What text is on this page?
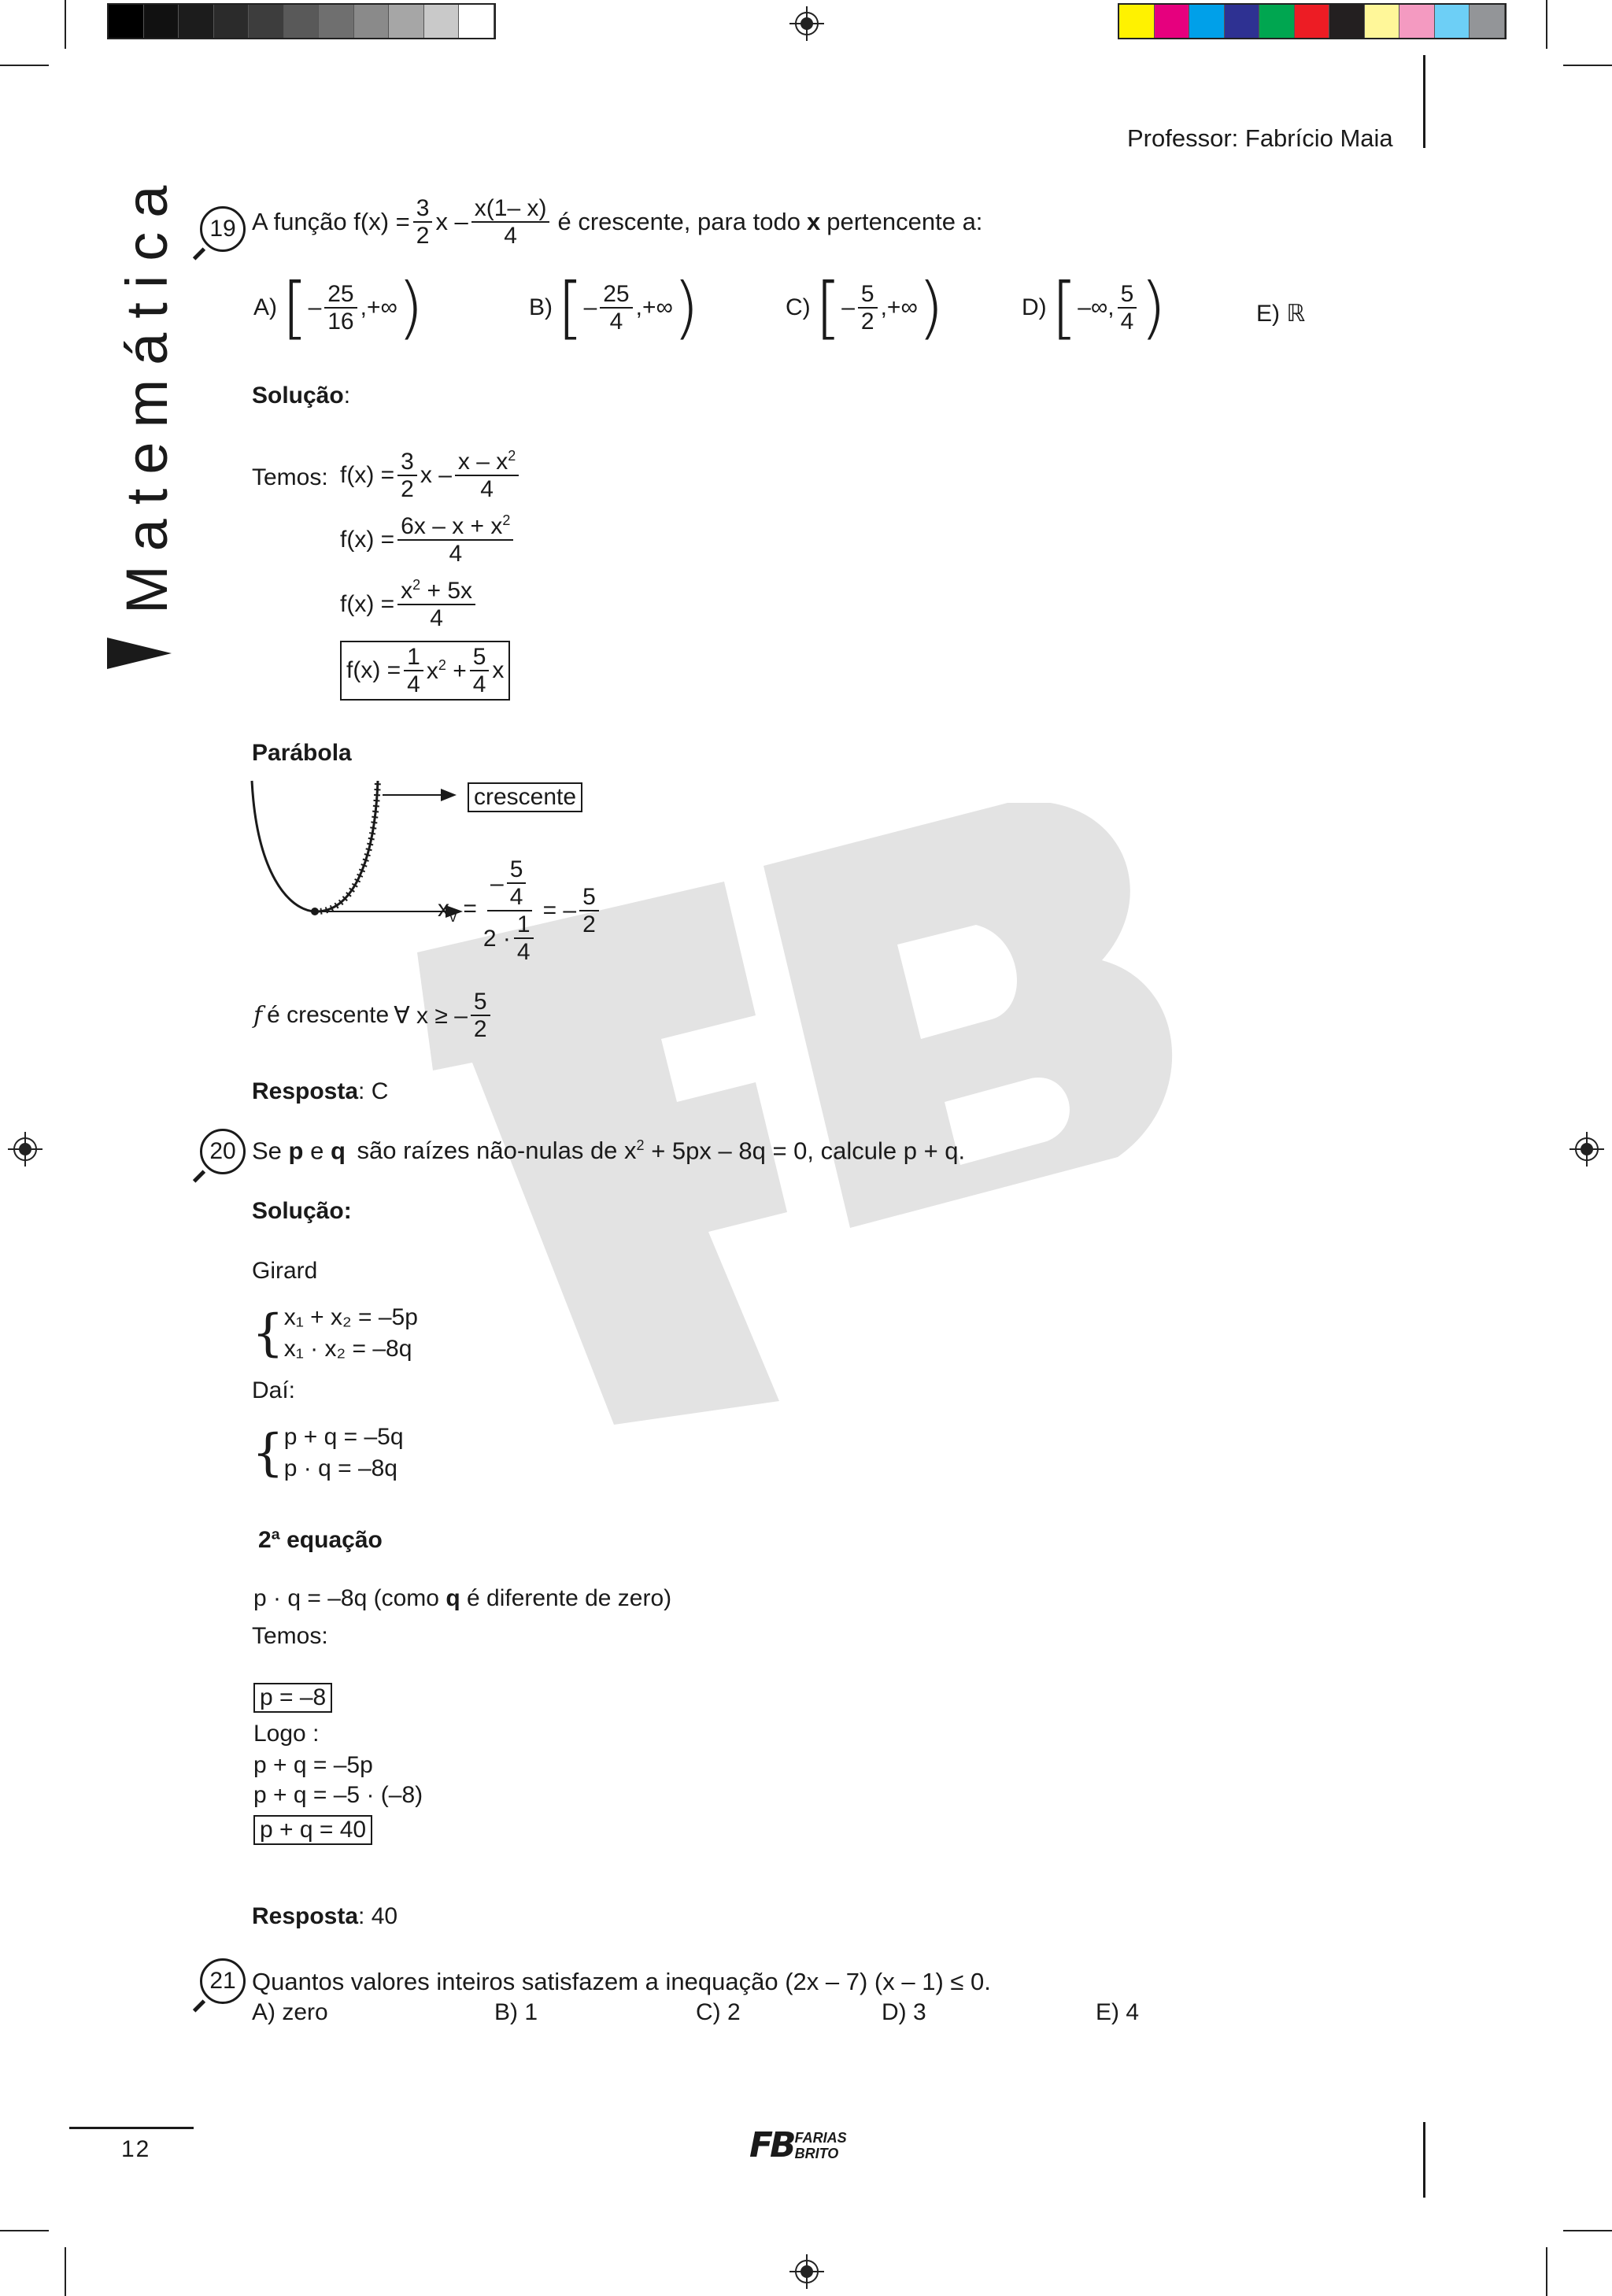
Professor: Fabrício Maia
Matemática	19 A função $f(x) = \frac{3}{2}$ x – $\frac{x(1- x)}{4}$ é crescente, para todo x pertencente a:
A) [ – $\frac{25}{16}$ ,+∞ )	B) [ – $\frac{25}{4}$ ,+∞ )	C) [ – $\frac{5}{2}$ ,+∞ )	D) [ –∞, $\frac{5}{4}$ )	E) ℝ
Solução:
Temos: $f(x) = \frac{3}{2}$ x – $\frac{x - x^2}{4}$
$f(x) = \frac{6x - x + x^2}{4}$
$f(x) = \frac{x^2 + 5x}{4}$
$f(x) = \frac{1}{4} x^2 + \frac{5}{4}$ x
Parábola
crescente
$x_v = \frac{- \frac{5}{4}}{2 \cdot \frac{1}{4}}$ = – $\frac{5}{2}$
f é crescente ∀ x ≥ – $\frac{5}{2}$
Resposta: C
20 Se p e q são raízes não-nulas de $x^2 + 5px - 8q = 0$, calcule p + q.
Solução:
Girard
{ x₁ + x₂ = –5p
x₁ · x₂ = –8q
Daí:
{ p + q = –5q
p · q = –8q
2ª equação
p · q = –8q (como q é diferente de zero)
Temos:
p = –8
Logo :
p + q = –5p
p + q = –5 · (–8)
p + q = 40
Resposta: 40
21 Quantos valores inteiros satisfazem a inequação (2x – 7) (x – 1) ≤ 0.
A) zero	B) 1	C) 2	D) 3	E) 4
12	FB FARIAS
BRITO
